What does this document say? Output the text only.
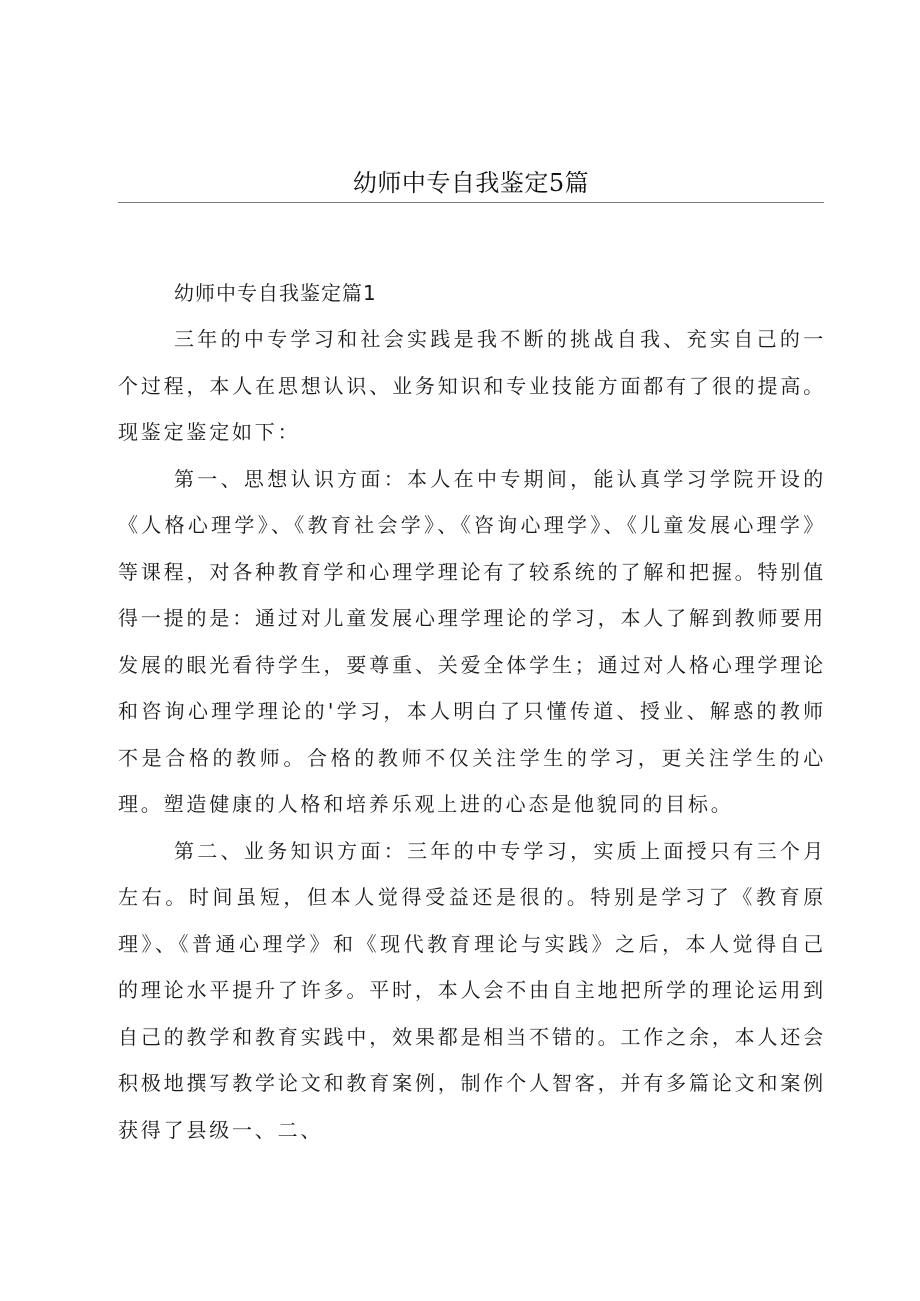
幼师中专自我鉴定5篇

幼师中专自我鉴定篇1

三年的中专学习和社会实践是我不断的挑战自我、充实自己的一个过程，本人在思想认识、业务知识和专业技能方面都有了很的提高。现鉴定鉴定如下：

第一、思想认识方面：本人在中专期间，能认真学习学院开设的《人格心理学》、《教育社会学》、《咨询心理学》、《儿童发展心理学》等课程，对各种教育学和心理学理论有了较系统的了解和把握。特别值得一提的是：通过对儿童发展心理学理论的学习，本人了解到教师要用发展的眼光看待学生，要尊重、关爱全体学生；通过对人格心理学理论和咨询心理学理论的'学习，本人明白了只懂传道、授业、解惑的教师不是合格的教师。合格的教师不仅关注学生的学习，更关注学生的心理。塑造健康的人格和培养乐观上进的心态是他貌同的目标。

第二、业务知识方面：三年的中专学习，实质上面授只有三个月左右。时间虽短，但本人觉得受益还是很的。特别是学习了《教育原理》、《普通心理学》和《现代教育理论与实践》之后，本人觉得自己的理论水平提升了许多。平时，本人会不由自主地把所学的理论运用到自己的教学和教育实践中，效果都是相当不错的。工作之余，本人还会积极地撰写教学论文和教育案例，制作个人智客，并有多篇论文和案例获得了县级一、二、
